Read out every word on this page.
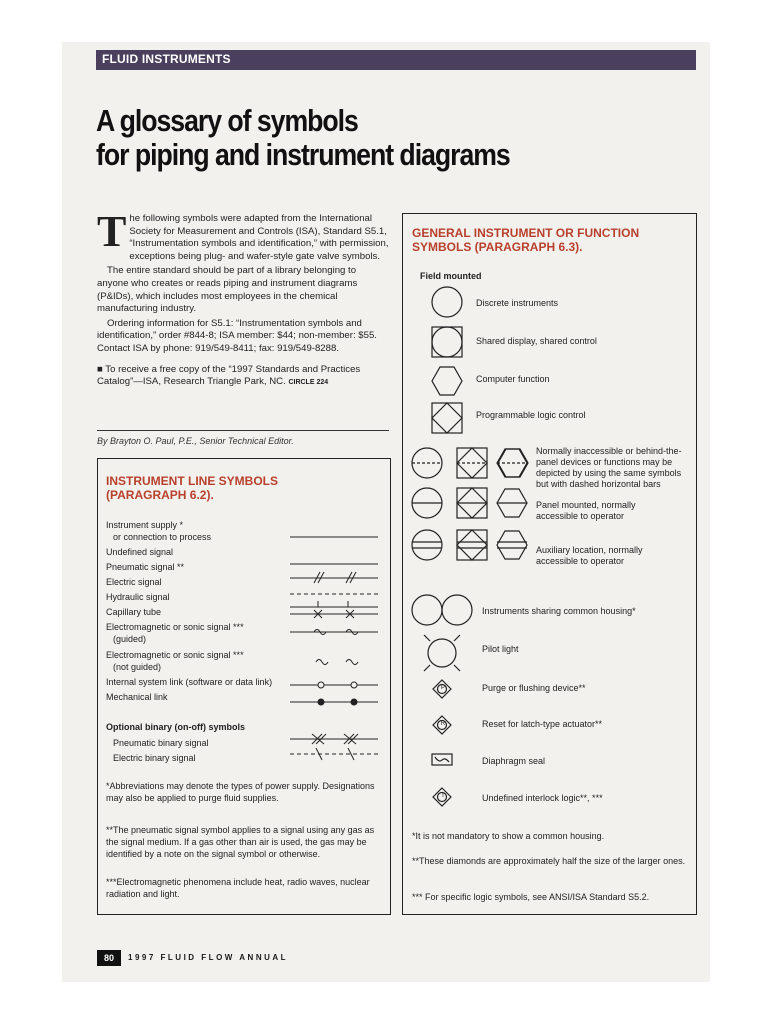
FLUID INSTRUMENTS
A glossary of symbols
for piping and instrument diagrams

The following symbols were adapted from the International Society for Measurement and Controls (ISA), Standard S5.1, “Instrumentation symbols and identification,” with permission, exceptions being plug- and wafer-style gate valve symbols.

The entire standard should be part of a library belonging to anyone who creates or reads piping and instrument diagrams (P&IDs), which includes most employees in the chemical manufacturing industry.

Ordering information for S5.1: “Instrumentation symbols and identification,” order #844-8; ISA member: $44; non-member: $55. Contact ISA by phone: 919/549-8411; fax: 919/549-8288.

■ To receive a free copy of the “1997 Standards and Practices Catalog”—ISA, Research Triangle Park, NC. CIRCLE 224

By Brayton O. Paul, P.E., Senior Technical Editor.
INSTRUMENT LINE SYMBOLS
(PARAGRAPH 6.2).
Instrument supply *
or connection to process
Undefined signal
Pneumatic signal **
Electric signal
Hydraulic signal
Capillary tube
Electromagnetic or sonic signal ***
(guided)
Electromagnetic or sonic signal ***
(not guided)
Internal system link (software or data link)
Mechanical link
Optional binary (on-off) symbols
Pneumatic binary signal
Electric binary signal
*Abbreviations may denote the types of power supply. Designations may also be applied to purge fluid supplies.
**The pneumatic signal symbol applies to a signal using any gas as the signal medium. If a gas other than air is used, the gas may be identified by a note on the signal symbol or otherwise.
***Electromagnetic phenomena include heat, radio waves, nuclear radiation and light.
GENERAL INSTRUMENT OR FUNCTION
SYMBOLS (PARAGRAPH 6.3).
Field mounted
P
R
I
Discrete instruments
Shared display, shared control
Computer function
Programmable logic control
Normally inaccessible or behind-the-panel devices or functions may be depicted by using the same symbols but with dashed horizontal bars
Panel mounted, normally accessible to operator
Auxiliary location, normally accessible to operator
Instruments sharing common housing*
Pilot light
Purge or flushing device**
Reset for latch-type actuator**
Diaphragm seal
Undefined interlock logic**, ***
*It is not mandatory to show a common housing.
**These diamonds are approximately half the size of the larger ones.
*** For specific logic symbols, see ANSI/ISA Standard S5.2.
80	1997 FLUID FLOW ANNUAL
